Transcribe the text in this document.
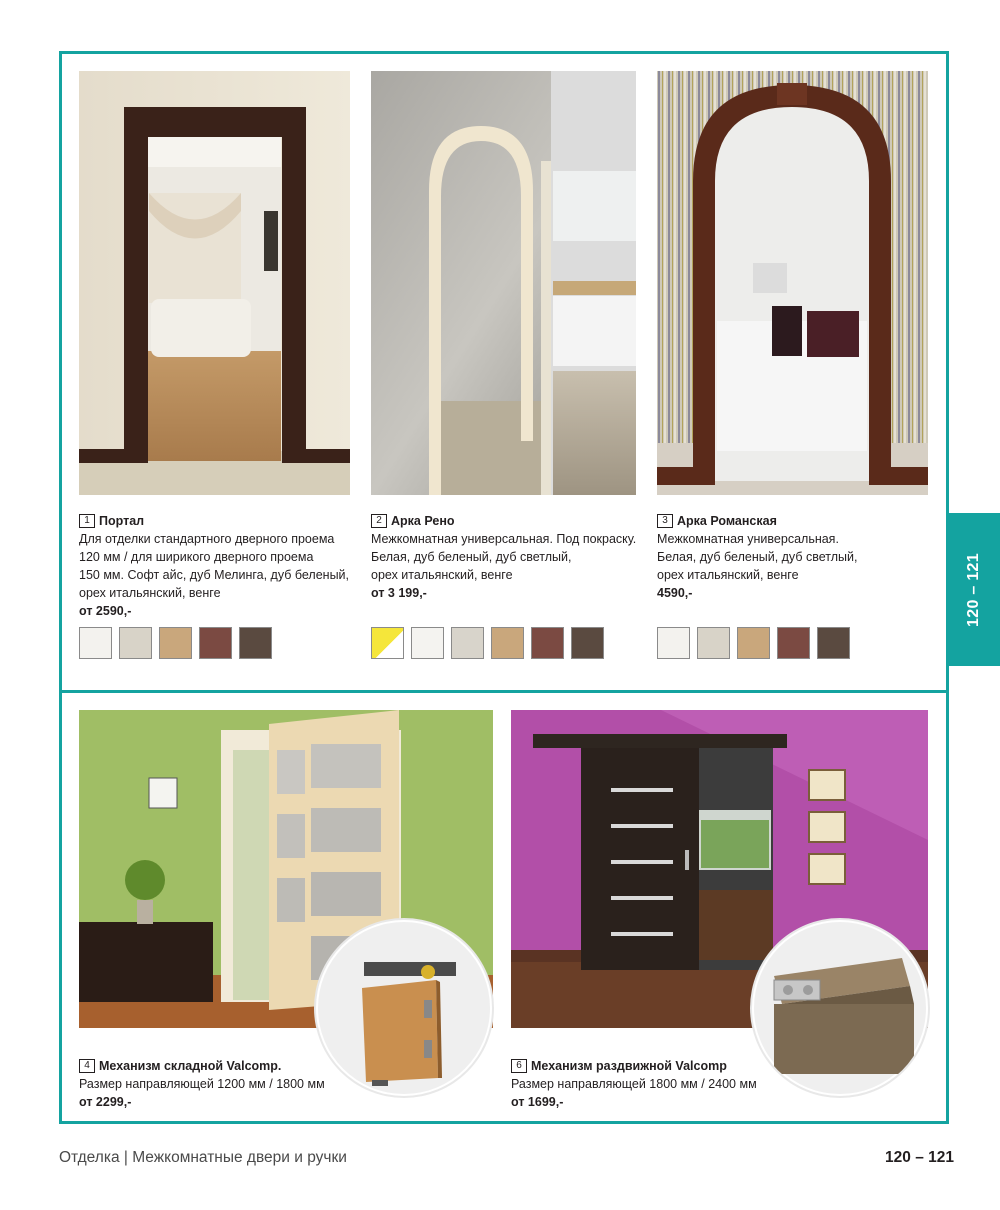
120 – 121
1 Портал
Для отделки стандартного дверного проема
120 мм / для ширикого дверного проема
150 мм. Софт айс, дуб Мелинга, дуб беленый,
орех итальянский, венге
от 2590,-
2 Арка Рено
Межкомнатная универсальная. Под покраску.
Белая, дуб беленый, дуб светлый,
орех итальянский, венге
от 3 199,-
3 Арка Романская
Межкомнатная универсальная.
Белая, дуб беленый, дуб светлый,
орех итальянский, венге
4590,-
4 Механизм складной Valcomp.
Размер направляющей 1200 мм / 1800 мм
от 2299,-
6 Механизм раздвижной Valcomp
Размер направляющей 1800 мм / 2400 мм
от 1699,-
Отделка | Межкомнатные двери и ручки	120 – 121
